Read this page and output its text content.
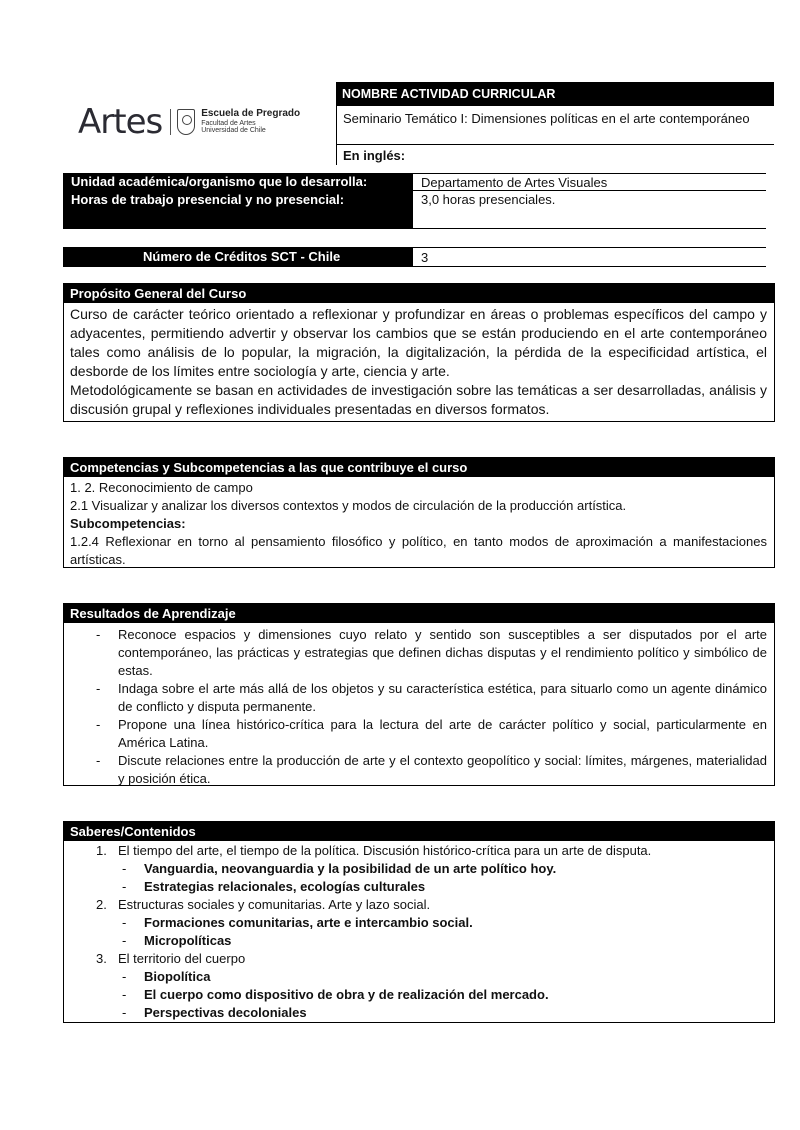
Artes	Escuela de Pregrado
Facultad de Artes
Universidad de Chile
NOMBRE ACTIVIDAD CURRICULAR
Seminario Temático I: Dimensiones políticas en el arte contemporáneo
En inglés:
Unidad académica/organismo que lo desarrolla:	Departamento de Artes Visuales
Horas de trabajo presencial y no presencial:	3,0 horas presenciales.
Número de Créditos SCT - Chile	3
Propósito General del Curso

Curso de carácter teórico orientado a reflexionar y profundizar en áreas o problemas específicos del campo y adyacentes, permitiendo advertir y observar los cambios que se están produciendo en el arte contemporáneo tales como análisis de lo popular, la migración, la digitalización, la pérdida de la especificidad artística, el desborde de los límites entre sociología y arte, ciencia y arte.

Metodológicamente se basan en actividades de investigación sobre las temáticas a ser desarrolladas, análisis y discusión grupal y reflexiones individuales presentadas en diversos formatos.

Competencias y Subcompetencias a las que contribuye el curso

1. 2. Reconocimiento de campo

2.1 Visualizar y analizar los diversos contextos y modos de circulación de la producción artística.

Subcompetencias:

1.2.4 Reflexionar en torno al pensamiento filosófico y político, en tanto modos de aproximación a manifestaciones artísticas.

Resultados de Aprendizaje
- Reconoce espacios y dimensiones cuyo relato y sentido son susceptibles a ser disputados por el arte contemporáneo, las prácticas y estrategias que definen dichas disputas y el rendimiento político y simbólico de estas.
- Indaga sobre el arte más allá de los objetos y su característica estética, para situarlo como un agente dinámico de conflicto y disputa permanente.
- Propone una línea histórico-crítica para la lectura del arte de carácter político y social, particularmente en América Latina.
- Discute relaciones entre la producción de arte y el contexto geopolítico y social: límites, márgenes, materialidad y posición ética.
Saberes/Contenidos
1. El tiempo del arte, el tiempo de la política. Discusión histórico-crítica para un arte de disputa.
- Vanguardia, neovanguardia y la posibilidad de un arte político hoy.
- Estrategias relacionales, ecologías culturales
2. Estructuras sociales y comunitarias. Arte y lazo social.
- Formaciones comunitarias, arte e intercambio social.
- Micropolíticas
3. El territorio del cuerpo
- Biopolítica
- El cuerpo como dispositivo de obra y de realización del mercado.
- Perspectivas decoloniales
